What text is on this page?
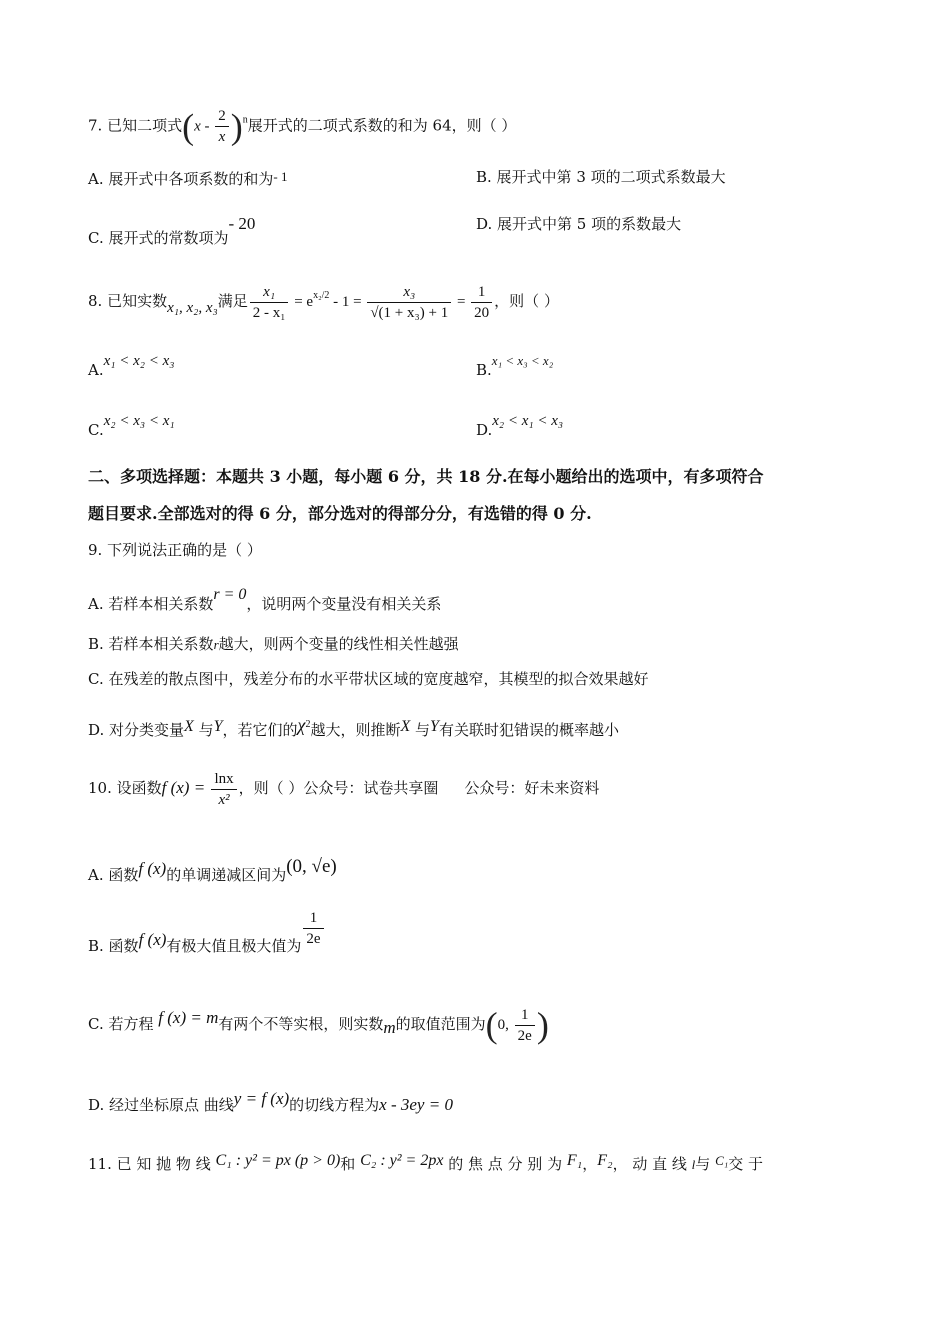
7. 已知二项式$(x - \frac{2}{x} )^n$展开式的二项式系数的和为 64，则（ ）
A. 展开式中各项系数的和为- 1	B. 展开式中第 3 项的二项式系数最大
C. 展开式的常数项为- 20	D. 展开式中第 5 项的系数最大
8. 已知实数x₁, x₂, x₃满足 $\frac{\text{x₁}}{\text{2 - x₁}} = e^{x_2/2} - 1 = \frac{\text{x₃}}{\text{√(1 + x₃) + 1}} = \frac{1}{20}$ ，则（ ）
A.x₁ < x₂ < x₃	B.x₁ < x₃ < x₂
C.x₂ < x₃ < x₁	D.x₂ < x₁ < x₃
二、多项选择题：本题共 3 小题，每小题 6 分，共 18 分.在每小题给出的选项中，有多项符合
题目要求.全部选对的得 6 分，部分选对的得部分分，有选错的得 0 分.
9. 下列说法正确的是（ ）
A. 若样本相关系数r = 0，说明两个变量没有相关关系
B. 若样本相关系数r越大，则两个变量的线性相关性越强
C. 在残差的散点图中，残差分布的水平带状区域的宽度越窄，其模型的拟合效果越好
D. 对分类变量X 与Y，若它们的$\chi^2$越大，则推断X 与Y有关联时犯错误的概率越小
10. 设函数f $(x) = \frac{\ln x}{\text{x²}}$ ，则（ ）公众号：试卷共享圈 公众号：好未来资料
A. 函数f (x)的单调递减区间为(0, √e)
B. 函数f (x)有极大值且极大值为 $\frac{1}{2e}$
C. 若方程 f (x) = m有两个不等实根，则实数m的取值范围为(0, $\frac{1}{2e}$ )
D. 经过坐标原点 曲线y = f (x)的切线方程为x - 3ey = 0
11. 已 知 抛 物 线 C₁ : y² = px (p > 0)和 C₂ : y² = 2px 的 焦 点 分 别 为 F₁，F₂， 动 直 线 l与 C₁交 于
